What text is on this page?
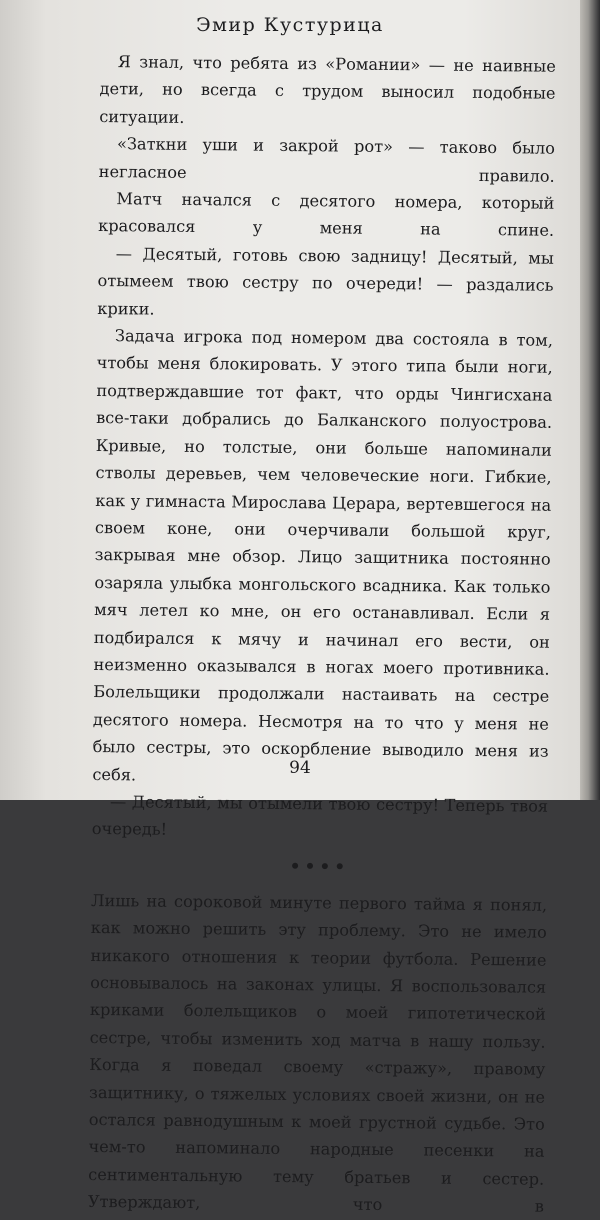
Эмир Кустурица

Я знал, что ребята из «Романии» — не наивные дети, но всегда с трудом выносил подобные ситуации.

«Заткни уши и закрой рот» — таково было негласное правило.

Матч начался с десятого номера, который красовался у меня на спине.

— Десятый, готовь свою задницу! Десятый, мы отымеем твою сестру по очереди! — раздались крики.

Задача игрока под номером два состояла в том, чтобы меня блокировать. У этого типа были ноги, подтверждавшие тот факт, что орды Чингисхана все-таки добрались до Балканского полуострова. Кривые, но толстые, они больше напоминали стволы деревьев, чем человеческие ноги. Гибкие, как у гимнаста Мирослава Церара, вертевшегося на своем коне, они очерчивали большой круг, закрывая мне обзор. Лицо защитника постоянно озаряла улыбка монгольского всадника. Как только мяч летел ко мне, он его останавливал. Если я подбирался к мячу и начинал его вести, он неизменно оказывался в ногах моего противника. Болельщики продолжали настаивать на сестре десятого номера. Несмотря на то что у меня не было сестры, это оскорбление выводило меня из себя.

— Десятый, мы отымели твою сестру! Теперь твоя очередь!

••••

Лишь на сороковой минуте первого тайма я понял, как можно решить эту проблему. Это не имело никакого отношения к теории футбола. Решение основывалось на законах улицы. Я воспользовался криками болельщиков о моей гипотетической сестре, чтобы изменить ход матча в нашу пользу. Когда я поведал своему «стражу», правому защитнику, о тяжелых условиях своей жизни, он не остался равнодушным к моей грустной судьбе. Это чем-то напоминало народные песенки на сентиментальную тему братьев и сестер. Утверждают, что в

94
